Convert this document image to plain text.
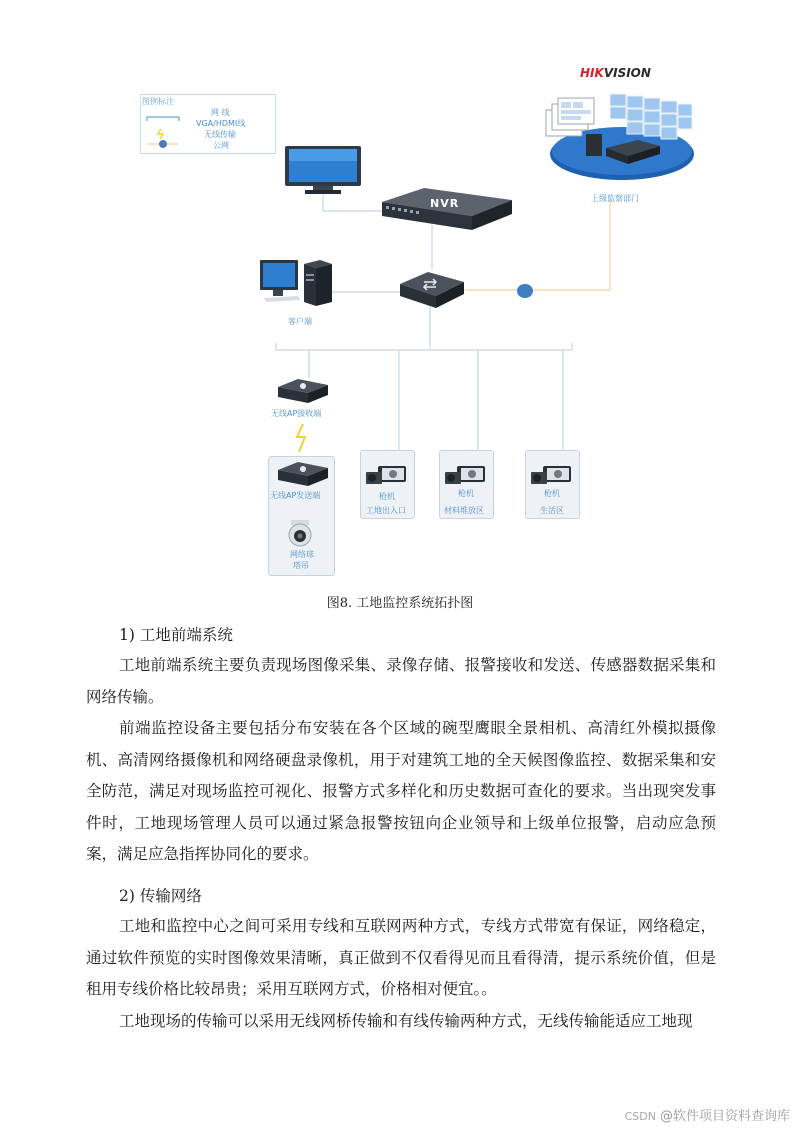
HIKVISION
图例标注
网 线
VGA/HDMI线
无线传输
公网
NVR	上级监察部门
客户端
无线AP接收端
无线AP发送端
网络球
塔吊
枪机
工地出入口
枪机
材料堆放区
枪机
生活区
图8. 工地监控系统拓扑图
1) 工地前端系统
工地前端系统主要负责现场图像采集、录像存储、报警接收和发送、传感器数据采集和网络传输。
前端监控设备主要包括分布安装在各个区域的碗型鹰眼全景相机、高清红外模拟摄像机、高清网络摄像机和网络硬盘录像机，用于对建筑工地的全天候图像监控、数据采集和安全防范，满足对现场监控可视化、报警方式多样化和历史数据可查化的要求。当出现突发事件时，工地现场管理人员可以通过紧急报警按钮向企业领导和上级单位报警，启动应急预案，满足应急指挥协同化的要求。
2) 传输网络
工地和监控中心之间可采用专线和互联网两种方式，专线方式带宽有保证，网络稳定，通过软件预览的实时图像效果清晰，真正做到不仅看得见而且看得清，提示系统价值，但是租用专线价格比较昂贵；采用互联网方式，价格相对便宜。。
工地现场的传输可以采用无线网桥传输和有线传输两种方式，无线传输能适应工地现
CSDN @软件项目资料查询库
